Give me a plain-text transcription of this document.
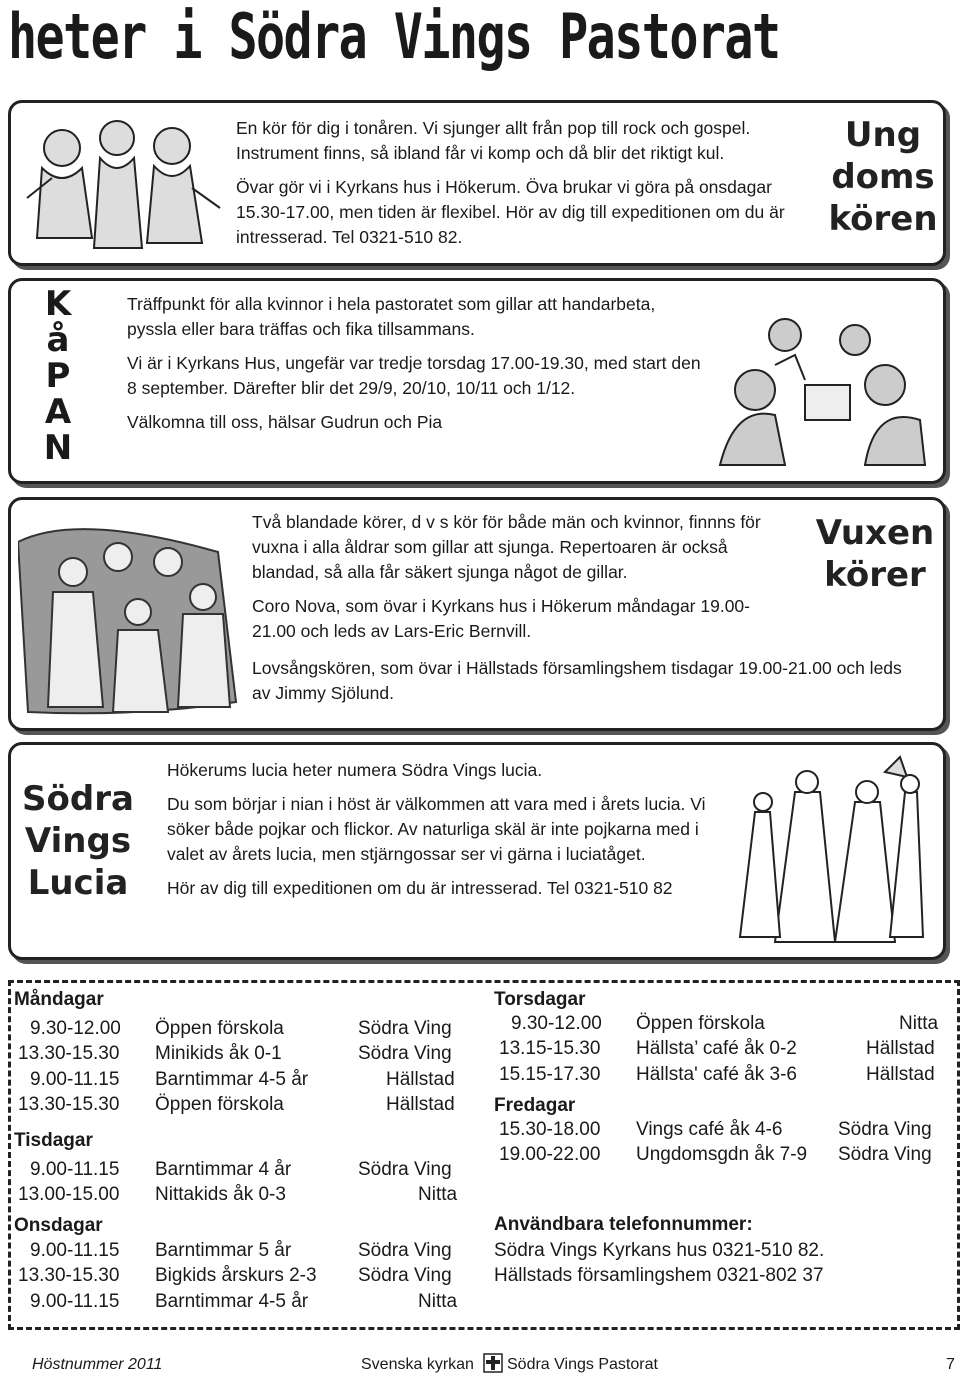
heter i Södra Vings Pastorat

En kör för dig i tonåren. Vi sjunger allt från pop till rock och gospel. Instrument finns, så ibland får vi komp och då blir det riktigt kul.

Övar gör vi i Kyrkans hus i Hökerum. Öva brukar vi göra på onsdagar 15.30-17.00, men tiden är flexibel. Hör av dig till expeditionen om du är intresserad. Tel 0321-510 82.

Ung
doms
kören
K
å
P
A
N

Träffpunkt för alla kvinnor i hela pastoratet som gillar att handarbeta, pyssla eller bara träffas och fika tillsammans.

Vi är i Kyrkans Hus, ungefär var tredje torsdag 17.00-19.30, med start den 8 september. Därefter blir det 29/9, 20/10, 10/11 och 1/12.

Välkomna till oss, hälsar Gudrun och Pia

Två blandade körer, d v s kör för både män och kvinnor, finnns för vuxna i alla åldrar som gillar att sjunga. Repertoaren är också blandad, så alla får säkert sjunga något de gillar.

Coro Nova, som övar i Kyrkans hus i Hökerum måndagar 19.00-21.00 och leds av Lars-Eric Bernvill.

Lovsångskören, som övar i Hällstads församlingshem tisdagar 19.00-21.00 och leds av Jimmy Sjölund.
Vuxen
körer
Södra
Vings
Lucia

Hökerums lucia heter numera Södra Vings lucia.

Du som börjar i nian i höst är välkommen att vara med i årets lucia. Vi söker både pojkar och flickor. Av naturliga skäl är inte pojkarna med i valet av årets lucia, men stjärngossar ser vi gärna i luciatåget.

Hör av dig till expeditionen om du är intresserad. Tel 0321-510 82

Måndagar
9.30-12.00 Öppen förskola	Södra Ving
13.30-15.30 Minikids åk 0-1	Södra Ving
9.00-11.15 Barntimmar 4-5 år	Hällstad
13.30-15.30 Öppen förskola	Hällstad
Tisdagar
9.00-11.15 Barntimmar 4 år	Södra Ving
13.00-15.00 Nittakids åk 0-3	Nitta
Onsdagar
9.00-11.15 Barntimmar 5 år	Södra Ving
13.30-15.30 Bigkids årskurs 2-3 Södra Ving
9.00-11.15 Barntimmar 4-5 år	Nitta
Torsdagar
9.30-12.00 Öppen förskola	Nitta
13.15-15.30 Hällsta’ café åk 0-2	Hällstad
15.15-17.30 Hällsta' café åk 3-6	Hällstad
Fredagar
15.30-18.00 Vings café åk 4-6	Södra Ving
19.00-22.00 Ungdomsgdn åk 7-9 Södra Ving
Användbara telefonnummer:
Södra Vings Kyrkans hus 0321-510 82.
Hällstads församlingshem 0321-802 37
Höstnummer 2011	Svenska kyrkan Södra Vings Pastorat	7
